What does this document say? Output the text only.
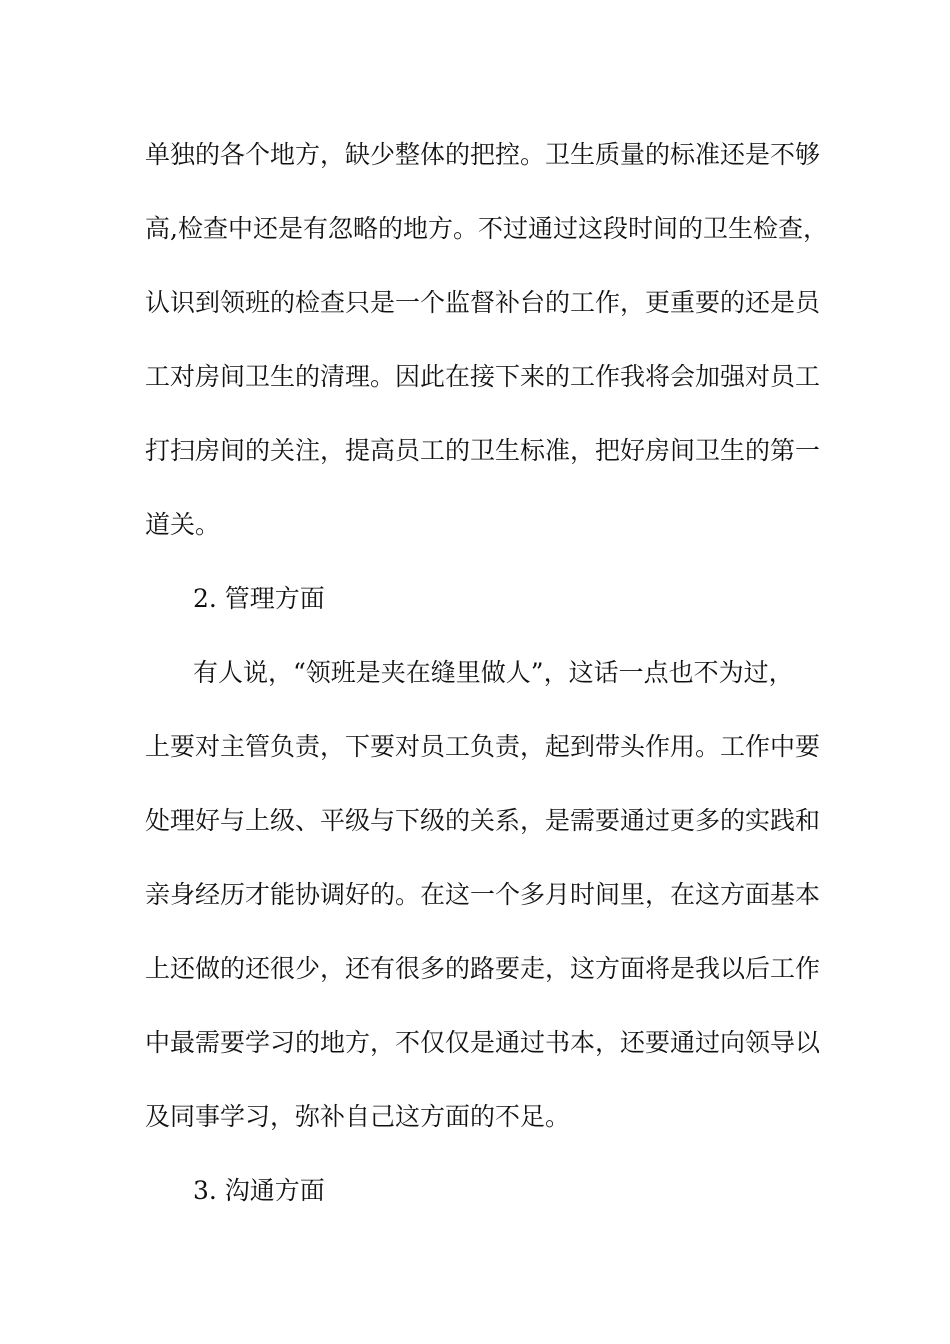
单独的各个地方，缺少整体的把控。卫生质量的标准还是不够
高,检查中还是有忽略的地方。不过通过这段时间的卫生检查，
认识到领班的检查只是一个监督补台的工作，更重要的还是员
工对房间卫生的清理。因此在接下来的工作我将会加强对员工
打扫房间的关注，提高员工的卫生标准，把好房间卫生的第一
道关。
2. 管理方面
有人说，“领班是夹在缝里做人”，这话一点也不为过，
上要对主管负责，下要对员工负责，起到带头作用。工作中要
处理好与上级、平级与下级的关系，是需要通过更多的实践和
亲身经历才能协调好的。在这一个多月时间里，在这方面基本
上还做的还很少，还有很多的路要走，这方面将是我以后工作
中最需要学习的地方，不仅仅是通过书本，还要通过向领导以
及同事学习，弥补自己这方面的不足。
3. 沟通方面
